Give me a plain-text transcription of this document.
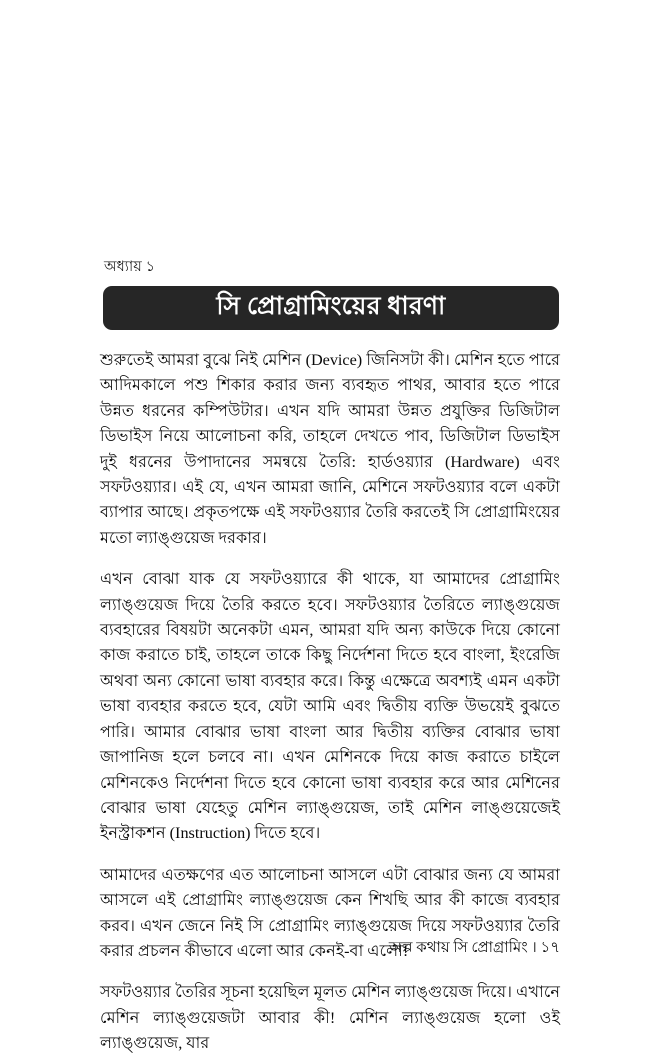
অধ্যায় ১
সি প্রোগ্রামিংয়ের ধারণা

শুরুতেই আমরা বুঝে নিই মেশিন (Device) জিনিসটা কী। মেশিন হতে পারে আদিমকালে পশু শিকার করার জন্য ব্যবহৃত পাথর, আবার হতে পারে উন্নত ধরনের কম্পিউটার। এখন যদি আমরা উন্নত প্রযুক্তির ডিজিটাল ডিভাইস নিয়ে আলোচনা করি, তাহলে দেখতে পাব, ডিজিটাল ডিভাইস দুই ধরনের উপাদানের সমন্বয়ে তৈরি: হার্ডওয়্যার (Hardware) এবং সফটওয়্যার। এই যে, এখন আমরা জানি, মেশিনে সফটওয়্যার বলে একটা ব্যাপার আছে। প্রকৃতপক্ষে এই সফটওয়্যার তৈরি করতেই সি প্রোগ্রামিংয়ের মতো ল্যাঙ্গুয়েজ দরকার।

এখন বোঝা যাক যে সফটওয়্যারে কী থাকে, যা আমাদের প্রোগ্রামিং ল্যাঙ্গুয়েজ দিয়ে তৈরি করতে হবে। সফটওয়্যার তৈরিতে ল্যাঙ্গুয়েজ ব্যবহারের বিষয়টা অনেকটা এমন, আমরা যদি অন্য কাউকে দিয়ে কোনো কাজ করাতে চাই, তাহলে তাকে কিছু নির্দেশনা দিতে হবে বাংলা, ইংরেজি অথবা অন্য কোনো ভাষা ব্যবহার করে। কিন্তু এক্ষেত্রে অবশ্যই এমন একটা ভাষা ব্যবহার করতে হবে, যেটা আমি এবং দ্বিতীয় ব্যক্তি উভয়েই বুঝতে পারি। আমার বোঝার ভাষা বাংলা আর দ্বিতীয় ব্যক্তির বোঝার ভাষা জাপানিজ হলে চলবে না। এখন মেশিনকে দিয়ে কাজ করাতে চাইলে মেশিনকেও নির্দেশনা দিতে হবে কোনো ভাষা ব্যবহার করে আর মেশিনের বোঝার ভাষা যেহেতু মেশিন ল্যাঙ্গুয়েজ, তাই মেশিন লাঙ্গুয়েজেই ইনস্ট্রাকশন (Instruction) দিতে হবে।

আমাদের এতক্ষণের এত আলোচনা আসলে এটা বোঝার জন্য যে আমরা আসলে এই প্রোগ্রামিং ল্যাঙ্গুয়েজ কেন শিখছি আর কী কাজে ব্যবহার করব। এখন জেনে নিই সি প্রোগ্রামিং ল্যাঙ্গুয়েজ দিয়ে সফটওয়্যার তৈরি করার প্রচলন কীভাবে এলো আর কেনই-বা এলো!

সফটওয়্যার তৈরির সূচনা হয়েছিল মূলত মেশিন ল্যাঙ্গুয়েজ দিয়ে। এখানে মেশিন ল্যাঙ্গুয়েজটা আবার কী! মেশিন ল্যাঙ্গুয়েজ হলো ওই ল্যাঙ্গুয়েজ, যার

অল্প কথায় সি প্রোগ্রামিং । ১৭
